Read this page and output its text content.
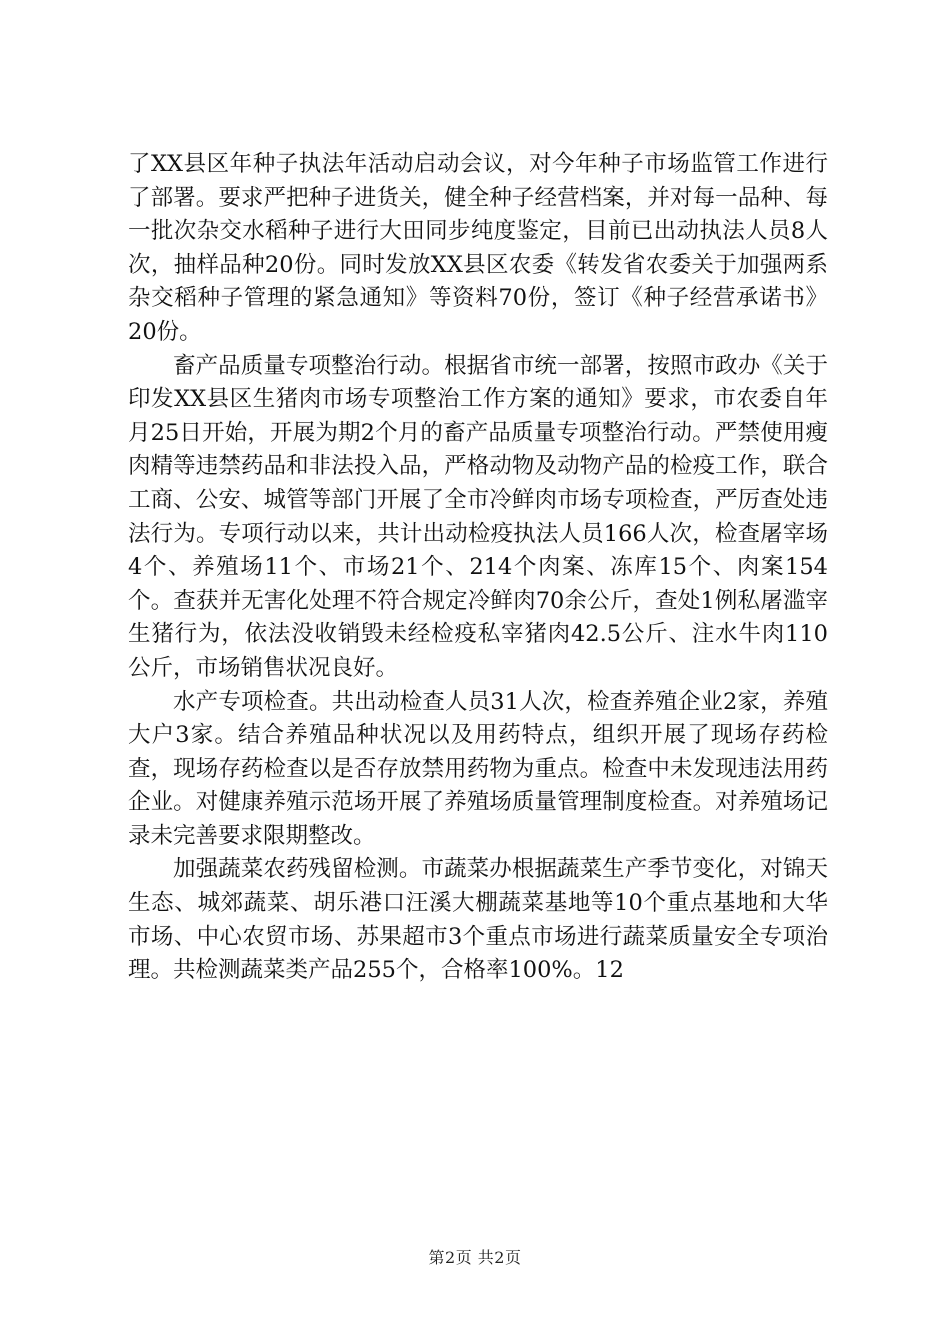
了XX县区年种子执法年活动启动会议，对今年种子市场监管工作进行了部署。要求严把种子进货关，健全种子经营档案，并对每一品种、每一批次杂交水稻种子进行大田同步纯度鉴定，目前已出动执法人员8人次，抽样品种20份。同时发放XX县区农委《转发省农委关于加强两系杂交稻种子管理的紧急通知》等资料70份，签订《种子经营承诺书》20份。

畜产品质量专项整治行动。根据省市统一部署，按照市政办《关于印发XX县区生猪肉市场专项整治工作方案的通知》要求，市农委自年月25日开始，开展为期2个月的畜产品质量专项整治行动。严禁使用瘦肉精等违禁药品和非法投入品，严格动物及动物产品的检疫工作，联合工商、公安、城管等部门开展了全市冷鲜肉市场专项检查，严厉查处违法行为。专项行动以来，共计出动检疫执法人员166人次，检查屠宰场4个、养殖场11个、市场21个、214个肉案、冻库15个、肉案154个。查获并无害化处理不符合规定冷鲜肉70余公斤，查处1例私屠滥宰生猪行为，依法没收销毁未经检疫私宰猪肉42.5公斤、注水牛肉110公斤，市场销售状况良好。

水产专项检查。共出动检查人员31人次，检查养殖企业2家，养殖大户3家。结合养殖品种状况以及用药特点，组织开展了现场存药检查，现场存药检查以是否存放禁用药物为重点。检查中未发现违法用药企业。对健康养殖示范场开展了养殖场质量管理制度检查。对养殖场记录未完善要求限期整改。

加强蔬菜农药残留检测。市蔬菜办根据蔬菜生产季节变化，对锦天生态、城郊蔬菜、胡乐港口汪溪大棚蔬菜基地等10个重点基地和大华市场、中心农贸市场、苏果超市3个重点市场进行蔬菜质量安全专项治理。共检测蔬菜类产品255个，合格率100%。12

第2页 共2页
